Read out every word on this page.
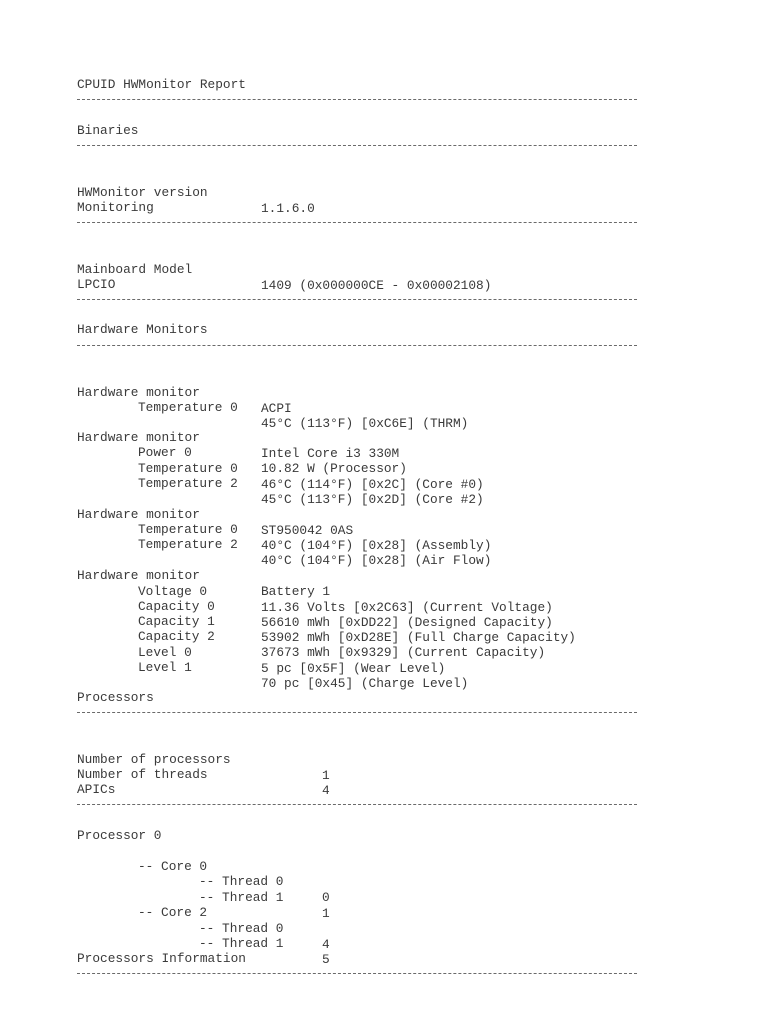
CPUID HWMonitor Report
Binaries

HWMonitor version

1.1.6.0

Monitoring

Mainboard Model

1409 (0x000000CE - 0x00002108)

LPCIO
Hardware Monitors

Hardware monitor

ACPI

Temperature 0

45°C (113°F) [0xC6E] (THRM)

Hardware monitor

Intel Core i3 330M

Power 0

10.82 W (Processor)

Temperature 0

46°C (114°F) [0x2C] (Core #0)

Temperature 2

45°C (113°F) [0x2D] (Core #2)

Hardware monitor

ST950042 0AS

Temperature 0

40°C (104°F) [0x28] (Assembly)

Temperature 2

40°C (104°F) [0x28] (Air Flow)

Hardware monitor

Battery 1

Voltage 0

11.36 Volts [0x2C63] (Current Voltage)

Capacity 0

56610 mWh [0xDD22] (Designed Capacity)

Capacity 1

53902 mWh [0xD28E] (Full Charge Capacity)

Capacity 2

37673 mWh [0x9329] (Current Capacity)

Level 0

5 pc [0x5F] (Wear Level)

Level 1

70 pc [0x45] (Charge Level)

Processors

Number of processors

1

Number of threads

4

APICs
Processor 0

-- Core 0

-- Thread 0

0

-- Thread 1

1

-- Core 2

-- Thread 0

4

-- Thread 1

5

Processors Information
